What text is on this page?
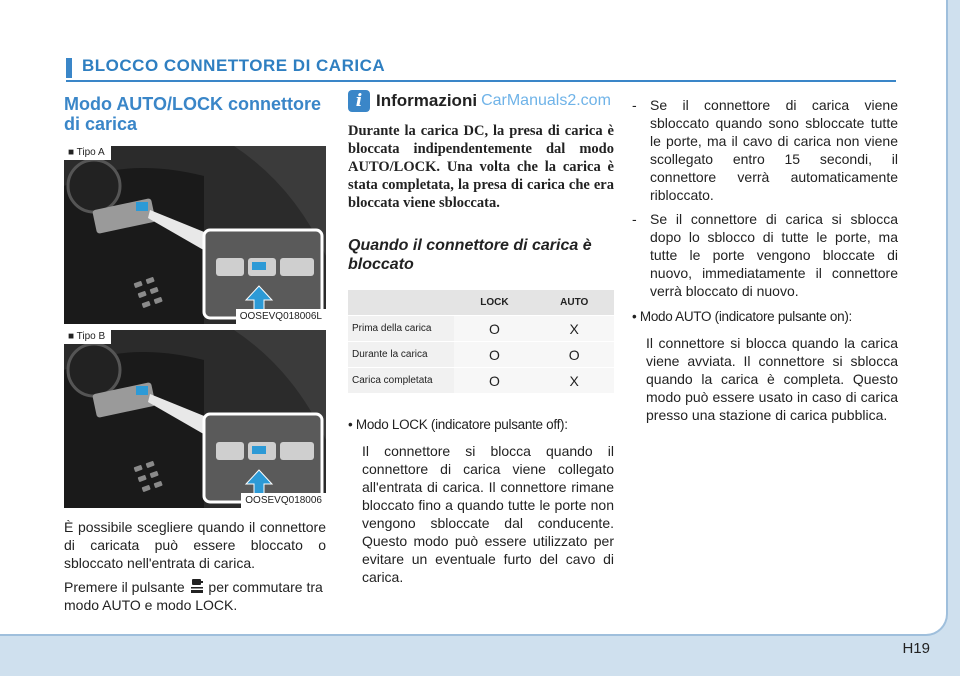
BLOCCO CONNETTORE DI CARICA
Modo AUTO/LOCK connettore di carica
■ Tipo A
OOSEVQ018006L
■ Tipo B
OOSEVQ018006

È possibile scegliere quando il connettore di caricata può essere bloccato o sbloccato nell'entrata di carica.

Premere il pulsante per commutare tra modo AUTO e modo LOCK.

i Informazioni CarManuals2.com

Durante la carica DC, la presa di carica è bloccata indipendentemente dal modo AUTO/LOCK. Una volta che la carica è stata completata, la presa di carica che era bloccata viene sbloccata.

Quando il connettore di carica è bloccato

	LOCK	AUTO
Prima della carica	O	X
Durante la carica	O	O
Carica completata	O	X

• Modo LOCK (indicatore pulsante off):

Il connettore si blocca quando il connettore di carica viene collegato all'entrata di carica. Il connettore rimane bloccato fino a quando tutte le porte non vengono sbloccate dal conducente. Questo modo può essere utilizzato per evitare un eventuale furto del cavo di carica.

- Se il connettore di carica viene sbloccato quando sono sbloccate tutte le porte, ma il cavo di carica non viene scollegato entro 15 secondi, il connettore verrà automaticamente ribloccato.
- Se il connettore di carica si sblocca dopo lo sblocco di tutte le porte, ma tutte le porte vengono bloccate di nuovo, immediatamente il connettore verrà bloccato di nuovo.

• Modo AUTO (indicatore pulsante on):

Il connettore si blocca quando la carica viene avviata. Il connettore si sblocca quando la carica è completa. Questo modo può essere usato in caso di carica presso una stazione di carica pubblica.

H19
